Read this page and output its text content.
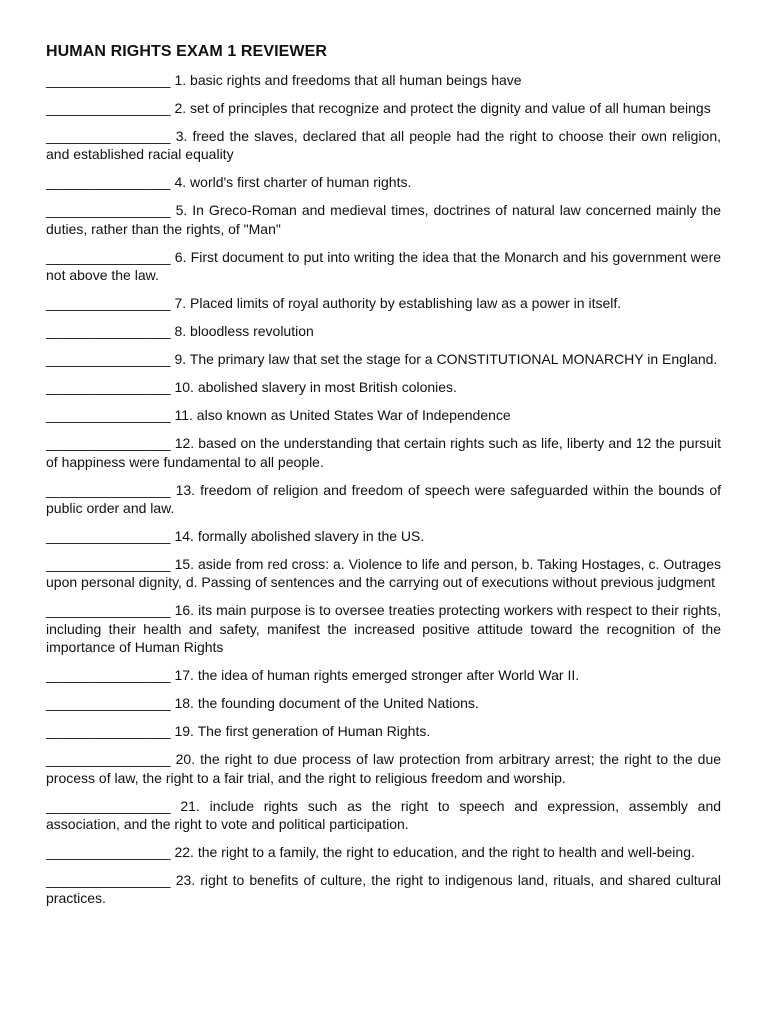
HUMAN RIGHTS EXAM 1 REVIEWER
________________ 1. basic rights and freedoms that all human beings have
________________ 2. set of principles that recognize and protect the dignity and value of all human beings
________________ 3. freed the slaves, declared that all people had the right to choose their own religion, and established racial equality
________________ 4. world's first charter of human rights.
________________ 5. In Greco-Roman and medieval times, doctrines of natural law concerned mainly the duties, rather than the rights, of "Man"
________________ 6. First document to put into writing the idea that the Monarch and his government were not above the law.
________________ 7. Placed limits of royal authority by establishing law as a power in itself.
________________ 8. bloodless revolution
________________ 9. The primary law that set the stage for a CONSTITUTIONAL MONARCHY in England.
________________ 10. abolished slavery in most British colonies.
________________ 11. also known as United States War of Independence
________________ 12. based on the understanding that certain rights such as life, liberty and 12 the pursuit of happiness were fundamental to all people.
________________ 13. freedom of religion and freedom of speech were safeguarded within the bounds of public order and law.
________________ 14. formally abolished slavery in the US.
________________ 15. aside from red cross: a. Violence to life and person, b. Taking Hostages, c. Outrages upon personal dignity, d. Passing of sentences and the carrying out of executions without previous judgment
________________ 16. its main purpose is to oversee treaties protecting workers with respect to their rights, including their health and safety, manifest the increased positive attitude toward the recognition of the importance of Human Rights
________________ 17. the idea of human rights emerged stronger after World War II.
________________ 18. the founding document of the United Nations.
________________ 19. The first generation of Human Rights.
________________ 20. the right to due process of law protection from arbitrary arrest; the right to the due process of law, the right to a fair trial, and the right to religious freedom and worship.
________________ 21. include rights such as the right to speech and expression, assembly and association, and the right to vote and political participation.
________________ 22. the right to a family, the right to education, and the right to health and well-being.
________________ 23. right to benefits of culture, the right to indigenous land, rituals, and shared cultural practices.
